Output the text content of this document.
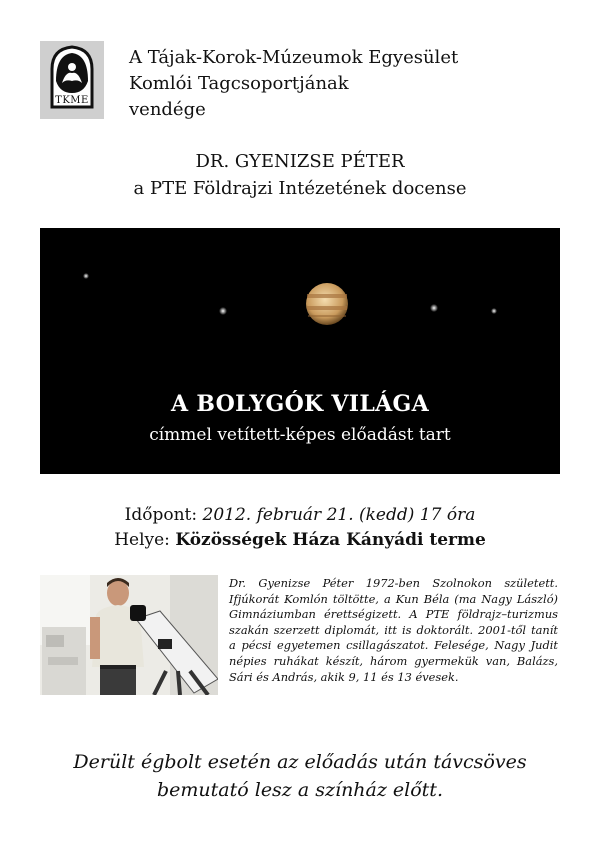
TKME
A Tájak-Korok-Múzeumok Egyesület
Komlói Tagcsoportjának
vendége
DR. GYENIZSE PÉTER
a PTE Földrajzi Intézetének docense
A BOLYGÓK VILÁGA
címmel vetített-képes előadást tart
Időpont: 2012. február 21. (kedd) 17 óra
Helye: Közösségek Háza Kányádi terme
Dr. Gyenizse Péter 1972-ben Szolnokon született. Ifjúkorát Komlón töltötte, a Kun Béla (ma Nagy László) Gimnáziumban érettségizett. A PTE földrajz–turizmus szakán szerzett diplomát, itt is doktorált. 2001-től tanít a pécsi egyetemen csillagászatot. Felesége, Nagy Judit népies ruhákat készít, három gyermekük van, Balázs, Sári és András, akik 9, 11 és 13 évesek.
Derült égbolt esetén az előadás után távcsöves
bemutató lesz a színház előtt.
